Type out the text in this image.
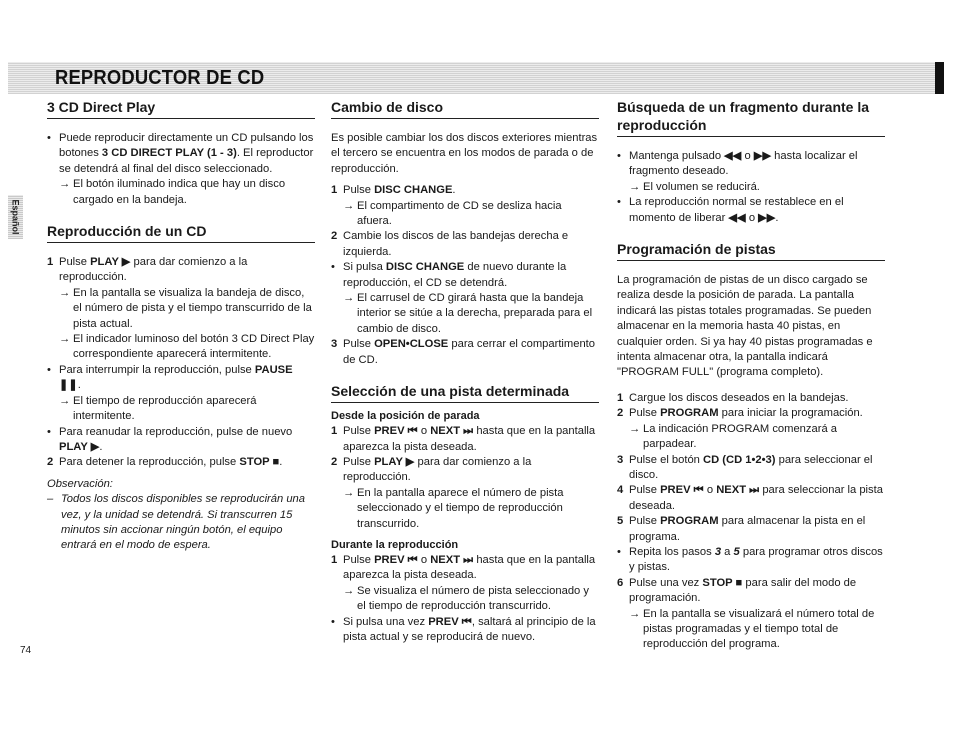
REPRODUCTOR DE CD
Español
3 CD Direct Play

• Puede reproducir directamente un CD pulsando los botones 3 CD DIRECT PLAY (1 - 3). El reproductor se detendrá al final del disco seleccionado.

→ El botón iluminado indica que hay un disco cargado en la bandeja.

Reproducción de un CD

1 Pulse PLAY ▶ para dar comienzo a la reproducción.

→ En la pantalla se visualiza la bandeja de disco, el número de pista y el tiempo transcurrido de la pista actual.

→ El indicador luminoso del botón 3 CD Direct Play correspondiente aparecerá intermitente.

• Para interrumpir la reproducción, pulse PAUSE ❚❚.

→ El tiempo de reproducción aparecerá intermitente.

• Para reanudar la reproducción, pulse de nuevo PLAY ▶.

2 Para detener la reproducción, pulse STOP ■.

Observación:

– Todos los discos disponibles se reproducirán una vez, y la unidad se detendrá. Si transcurren 15 minutos sin accionar ningún botón, el equipo entrará en el modo de espera.

Cambio de disco

Es posible cambiar los dos discos exteriores mientras el tercero se encuentra en los modos de parada o de reproducción.

1 Pulse DISC CHANGE.

→ El compartimento de CD se desliza hacia afuera.

2 Cambie los discos de las bandejas derecha e izquierda.

• Si pulsa DISC CHANGE de nuevo durante la reproducción, el CD se detendrá.

→ El carrusel de CD girará hasta que la bandeja interior se sitúe a la derecha, preparada para el cambio de disco.

3 Pulse OPEN•CLOSE para cerrar el compartimento de CD.

Selección de una pista determinada
Desde la posición de parada

1 Pulse PREV ⏮ o NEXT ⏭ hasta que en la pantalla aparezca la pista deseada.

2 Pulse PLAY ▶ para dar comienzo a la reproducción.

→ En la pantalla aparece el número de pista seleccionado y el tiempo de reproducción transcurrido.

Durante la reproducción

1 Pulse PREV ⏮ o NEXT ⏭ hasta que en la pantalla aparezca la pista deseada.

→ Se visualiza el número de pista seleccionado y el tiempo de reproducción transcurrido.

• Si pulsa una vez PREV ⏮, saltará al principio de la pista actual y se reproducirá de nuevo.

Búsqueda de un fragmento durante la reproducción

• Mantenga pulsado ◀◀ o ▶▶ hasta localizar el fragmento deseado.

→ El volumen se reducirá.

• La reproducción normal se restablece en el momento de liberar ◀◀ o ▶▶.

Programación de pistas

La programación de pistas de un disco cargado se realiza desde la posición de parada. La pantalla indicará las pistas totales programadas. Se pueden almacenar en la memoria hasta 40 pistas, en cualquier orden. Si ya hay 40 pistas programadas e intenta almacenar otra, la pantalla indicará "PROGRAM FULL" (programa completo).

1 Cargue los discos deseados en la bandejas.

2 Pulse PROGRAM para iniciar la programación.

→ La indicación PROGRAM comenzará a parpadear.

3 Pulse el botón CD (CD 1•2•3) para seleccionar el disco.

4 Pulse PREV ⏮ o NEXT ⏭ para seleccionar la pista deseada.

5 Pulse PROGRAM para almacenar la pista en el programa.

• Repita los pasos 3 a 5 para programar otros discos y pistas.

6 Pulse una vez STOP ■ para salir del modo de programación.

→ En la pantalla se visualizará el número total de pistas programadas y el tiempo total de reproducción del programa.

74
